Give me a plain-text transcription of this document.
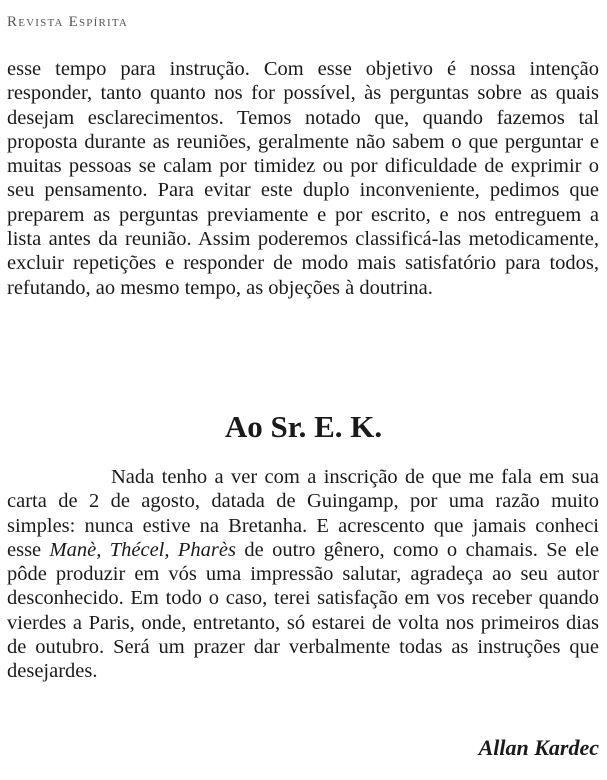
Revista Espírita

esse tempo para instrução. Com esse objetivo é nossa intenção responder, tanto quanto nos for possível, às perguntas sobre as quais desejam esclarecimentos. Temos notado que, quando fazemos tal proposta durante as reuniões, geralmente não sabem o que perguntar e muitas pessoas se calam por timidez ou por dificuldade de exprimir o seu pensamento. Para evitar este duplo inconveniente, pedimos que preparem as perguntas previamente e por escrito, e nos entreguem a lista antes da reunião. Assim poderemos classificá-las metodicamente, excluir repetições e responder de modo mais satisfatório para todos, refutando, ao mesmo tempo, as objeções à doutrina.

Ao Sr. E. K.

Nada tenho a ver com a inscrição de que me fala em sua carta de 2 de agosto, datada de Guingamp, por uma razão muito simples: nunca estive na Bretanha. E acrescento que jamais conheci esse Manè, Thécel, Pharès de outro gênero, como o chamais. Se ele pôde produzir em vós uma impressão salutar, agradeça ao seu autor desconhecido. Em todo o caso, terei satisfação em vos receber quando vierdes a Paris, onde, entretanto, só estarei de volta nos primeiros dias de outubro. Será um prazer dar verbalmente todas as instruções que desejardes.

Allan Kardec
